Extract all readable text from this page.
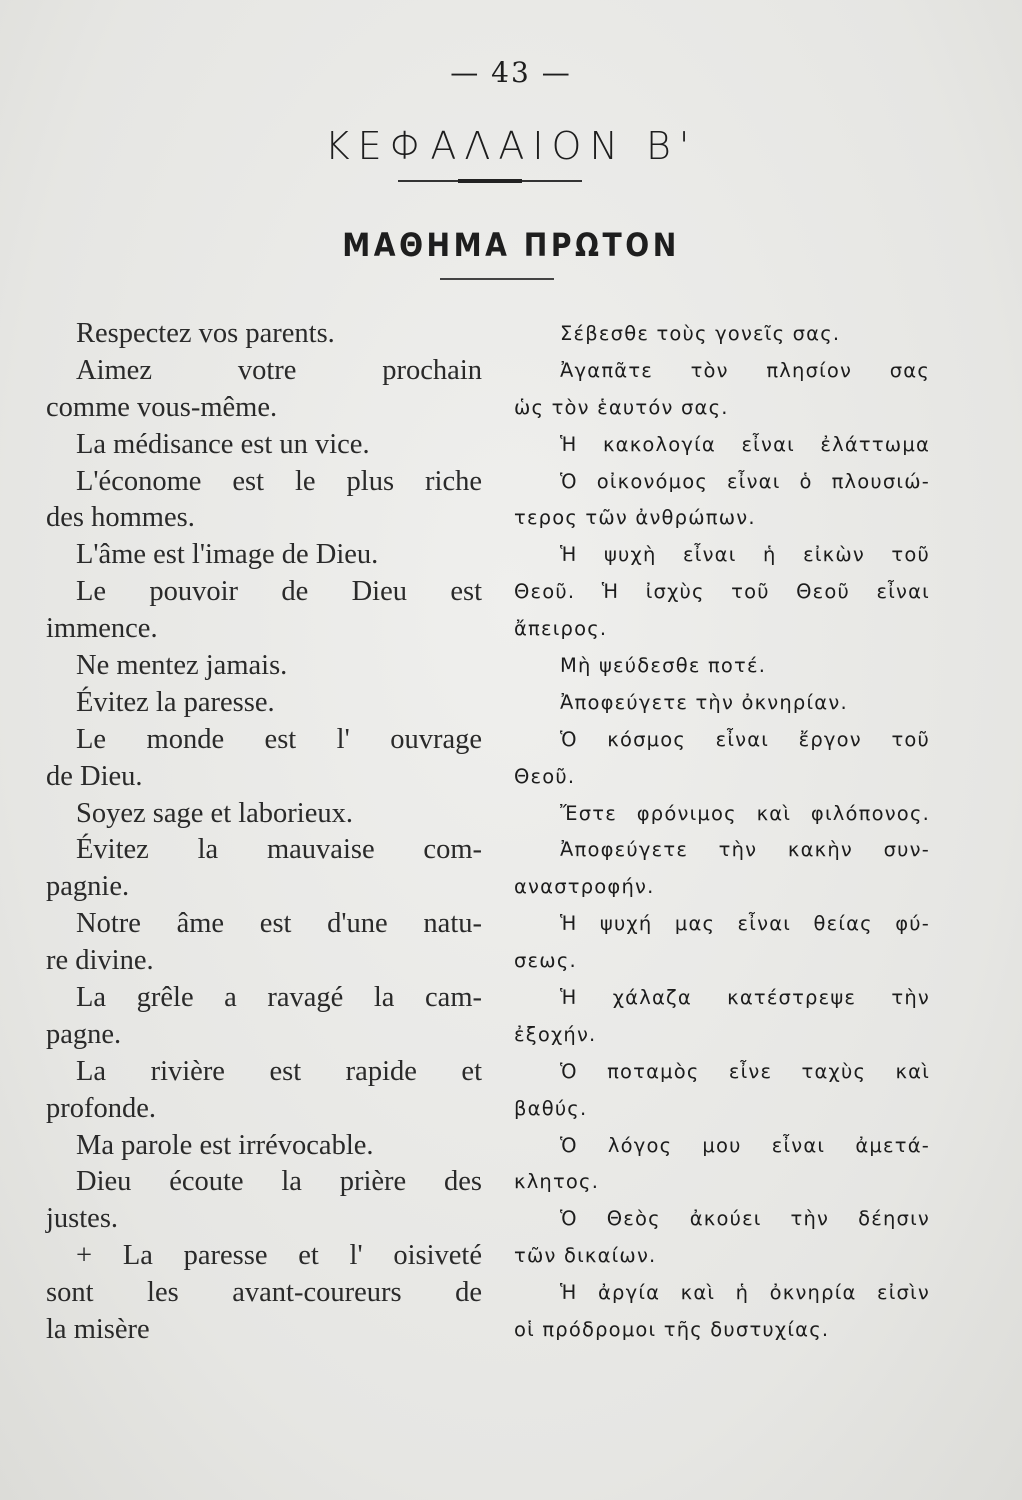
— 43 —
ΚΕΦΑΛΑΙΟΝ Β'
ΜΑΘΗΜΑ ΠΡΩΤΟΝ
Respectez vos parents.
Aimez votre prochain
comme vous-même.
La médisance est un vice.
L'économe est le plus riche
des hommes.
L'âme est l'image de Dieu.
Le pouvoir de Dieu est
immence.
Ne mentez jamais.
Évitez la paresse.
Le monde est l' ouvrage
de Dieu.
Soyez sage et laborieux.
Évitez la mauvaise com-
pagnie.
Notre âme est d'une natu-
re divine.
La grêle a ravagé la cam-
pagne.
La rivière est rapide et
profonde.
Ma parole est irrévocable.
Dieu écoute la prière des
justes.
+ La paresse et l' oisiveté
sont les avant-coureurs de
la misère
Σέβεσθε τοὺς γονεῖς σας.
Ἀγαπᾶτε τὸν πλησίον σας
ὡς τὸν ἑαυτόν σας.
Ἡ κακολογία εἶναι ἐλάττωμα
Ὁ οἰκονόμος εἶναι ὁ πλουσιώ-
τερος τῶν ἀνθρώπων.
Ἡ ψυχὴ εἶναι ἡ εἰκὼν τοῦ
Θεοῦ. Ἡ ἰσχὺς τοῦ Θεοῦ εἶναι
ἄπειρος.
Μὴ ψεύδεσθε ποτέ.
Ἀποφεύγετε τὴν ὀκνηρίαν.
Ὁ κόσμος εἶναι ἔργον τοῦ
Θεοῦ.
Ἔστε φρόνιμος καὶ φιλόπονος.
Ἀποφεύγετε τὴν κακὴν συν-
αναστροφήν.
Ἡ ψυχή μας εἶναι θείας φύ-
σεως.
Ἡ χάλαζα κατέστρεψε τὴν
ἐξοχήν.
Ὁ ποταμὸς εἶνε ταχὺς καὶ
βαθύς.
Ὁ λόγος μου εἶναι ἀμετά-
κλητος.
Ὁ Θεὸς ἀκούει τὴν δέησιν
τῶν δικαίων.
Ἡ ἀργία καὶ ἡ ὀκνηρία εἰσὶν
οἱ πρόδρομοι τῆς δυστυχίας.
